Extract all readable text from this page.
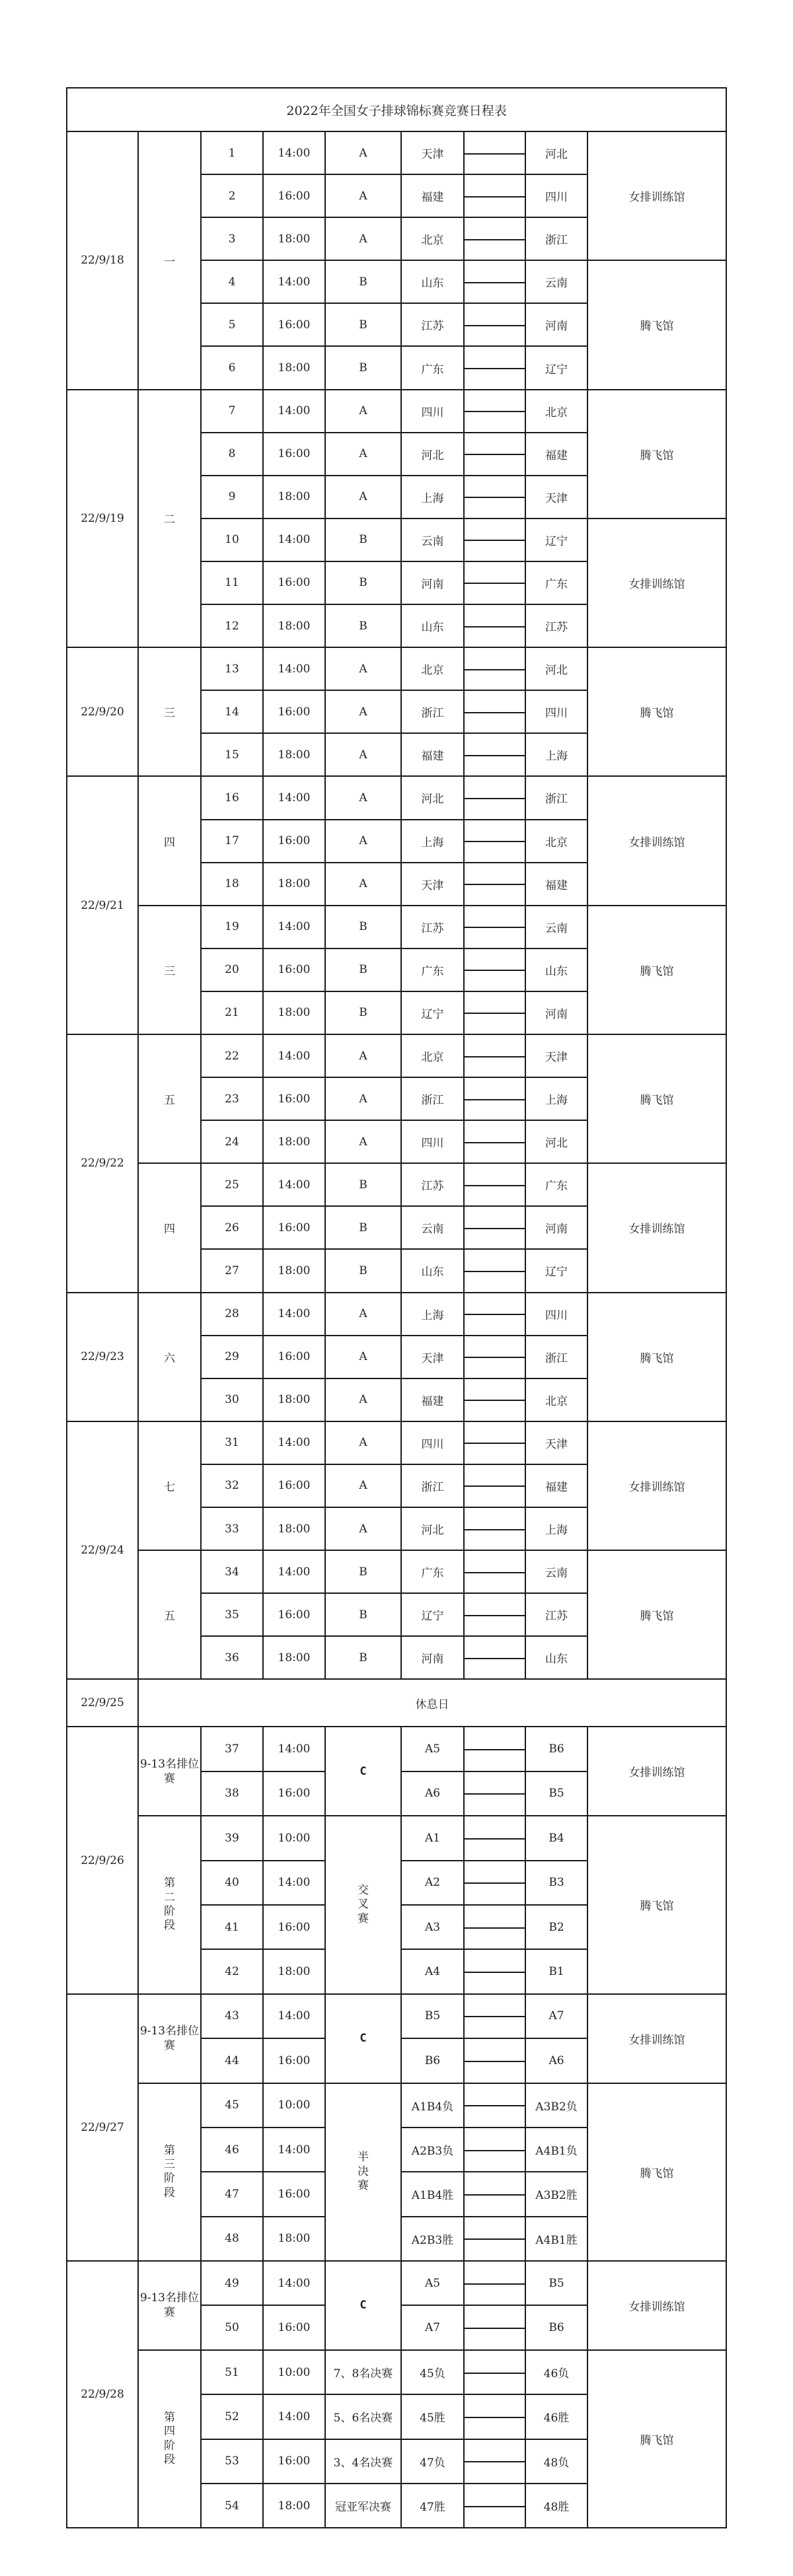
2022年全国女子排球锦标赛竞赛日程表								
22/9/18	一	1	14:00	A	天津		河北	女排训练馆
		2	16:00	A	福建		四川	
		3	18:00	A	北京		浙江	
		4	14:00	B	山东		云南	腾飞馆
		5	16:00	B	江苏		河南	
		6	18:00	B	广东		辽宁	
22/9/19	二	7	14:00	A	四川		北京	腾飞馆
		8	16:00	A	河北		福建	
		9	18:00	A	上海		天津	
		10	14:00	B	云南		辽宁	女排训练馆
		11	16:00	B	河南		广东	
		12	18:00	B	山东		江苏	
22/9/20	三	13	14:00	A	北京		河北	腾飞馆
		14	16:00	A	浙江		四川	
		15	18:00	A	福建		上海	
22/9/21	四	16	14:00	A	河北		浙江	女排训练馆
		17	16:00	A	上海		北京	
		18	18:00	A	天津		福建	
	三	19	14:00	B	江苏		云南	腾飞馆
		20	16:00	B	广东		山东	
		21	18:00	B	辽宁		河南	
22/9/22	五	22	14:00	A	北京		天津	腾飞馆
		23	16:00	A	浙江		上海	
		24	18:00	A	四川		河北	
	四	25	14:00	B	江苏		广东	女排训练馆
		26	16:00	B	云南		河南	
		27	18:00	B	山东		辽宁	
22/9/23	六	28	14:00	A	上海		四川	腾飞馆
		29	16:00	A	天津		浙江	
		30	18:00	A	福建		北京	
22/9/24	七	31	14:00	A	四川		天津	女排训练馆
		32	16:00	A	浙江		福建	
		33	18:00	A	河北		上海	
	五	34	14:00	B	广东		云南	腾飞馆
		35	16:00	B	辽宁		江苏	
		36	18:00	B	河南		山东	
22/9/25	休息日							
22/9/26	9-13名排位赛	37	14:00	C	A5		B6	女排训练馆
		38	16:00		A6		B5	
	第二阶段	39	10:00	交叉赛	A1		B4	腾飞馆
		40	14:00		A2		B3	
		41	16:00		A3		B2	
		42	18:00		A4		B1	
22/9/27	9-13名排位赛	43	14:00	C	B5		A7	女排训练馆
		44	16:00		B6		A6	
	第三阶段	45	10:00	半决赛	A1B4负		A3B2负	腾飞馆
		46	14:00		A2B3负		A4B1负	
		47	16:00		A1B4胜		A3B2胜	
		48	18:00		A2B3胜		A4B1胜	
22/9/28	9-13名排位赛	49	14:00	C	A5		B5	女排训练馆
		50	16:00		A7		B6	
	第四阶段	51	10:00	7、8名决赛	45负		46负	腾飞馆
		52	14:00	5、6名决赛	45胜		46胜	
		53	16:00	3、4名决赛	47负		48负	
		54	18:00	冠亚军决赛	47胜		48胜	
